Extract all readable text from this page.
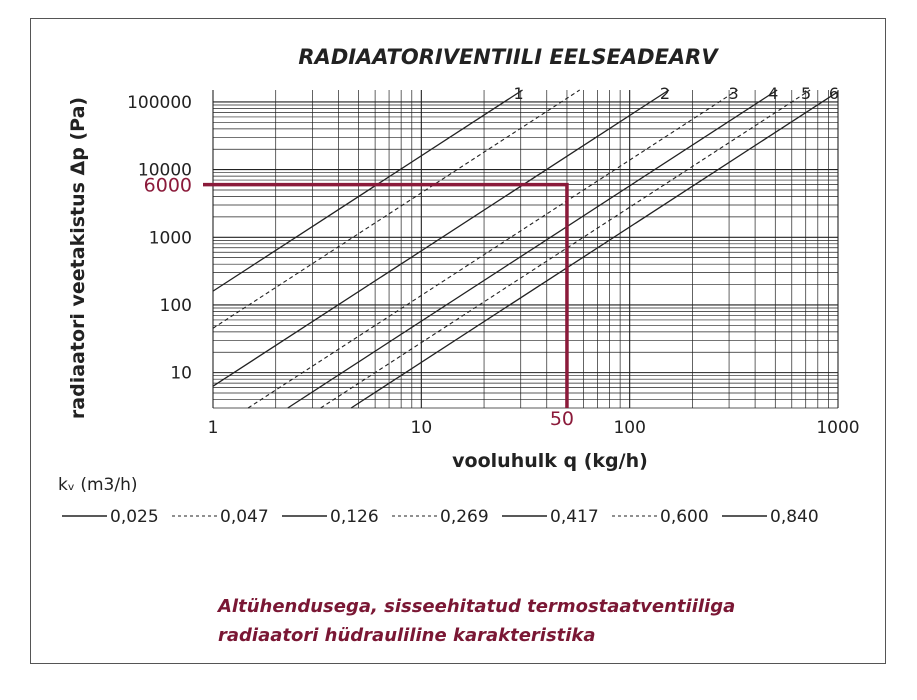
RADIAATORIVENTIILI EELSEADEARV
radiaatori veetakistus Δp (Pa)
vooluhulk q (kg/h)
1	10	100	1000
10
100
1000
10000
100000	1	2	3 4 5 6
6000
50
kᵥ (m3/h)
0,025	0,047	0,126	0,269	0,417	0,600	0,840
Altühendusega, sisseehitatud termostaatventiiliga
radiaatori hüdrauliline karakteristika
